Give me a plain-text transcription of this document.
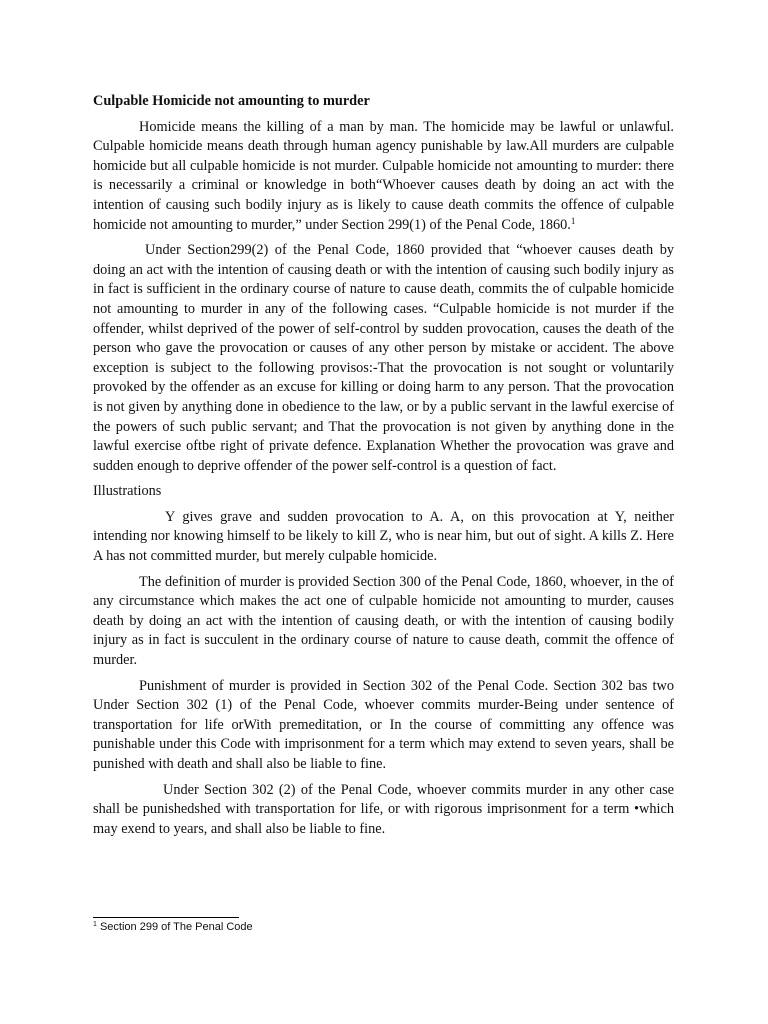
Culpable Homicide not amounting to murder

Homicide means the killing of a man by man. The homicide may be lawful or unlawful. Culpable homicide means death through human agency punishable by law.All murders are culpable homicide but all culpable homicide is not murder. Culpable homicide not amounting to murder: there is necessarily a criminal or knowledge in both“Whoever causes death by doing an act with the intention of causing such bodily injury as is likely to cause death commits the offence of culpable homicide not amounting to murder,” under Section 299(1) of the Penal Code, 1860.$^1$

Under Section299(2) of the Penal Code, 1860 provided that “whoever causes death by doing an act with the intention of causing death or with the intention of causing such bodily injury as in fact is sufficient in the ordinary course of nature to cause death, commits the of culpable homicide not amounting to murder in any of the following cases. “Culpable homicide is not murder if the offender, whilst deprived of the power of self-control by sudden provocation, causes the death of the person who gave the provocation or causes of any other person by mistake or accident. The above exception is subject to the following provisos:-That the provocation is not sought or voluntarily provoked by the offender as an excuse for killing or doing harm to any person. That the provocation is not given by anything done in obedience to the law, or by a public servant in the lawful exercise of the powers of such public servant; and That the provocation is not given by anything done in the lawful exercise oftbe right of private defence. Explanation Whether the provocation was grave and sudden enough to deprive offender of the power self-control is a question of fact.

Illustrations

Y gives grave and sudden provocation to A. A, on this provocation at Y, neither intending nor knowing himself to be likely to kill Z, who is near him, but out of sight. A kills Z. Here A has not committed murder, but merely culpable homicide.

The definition of murder is provided Section 300 of the Penal Code, 1860, whoever, in the of any circumstance which makes the act one of culpable homicide not amounting to murder, causes death by doing an act with the intention of causing death, or with the intention of causing bodily injury as in fact is succulent in the ordinary course of nature to cause death, commit the offence of murder.

Punishment of murder is provided in Section 302 of the Penal Code. Section 302 bas two Under Section 302 (1) of the Penal Code, whoever commits murder-Being under sentence of transportation for life orWith premeditation, or In the course of committing any offence was punishable under this Code with imprisonment for a term which may extend to seven years, shall be punished with death and shall also be liable to fine.

Under Section 302 (2) of the Penal Code, whoever commits murder in any other case shall be punishedshed with transportation for life, or with rigorous imprisonment for a term •which may exend to years, and shall also be liable to fine.

$^1$ Section 299 of The Penal Code
